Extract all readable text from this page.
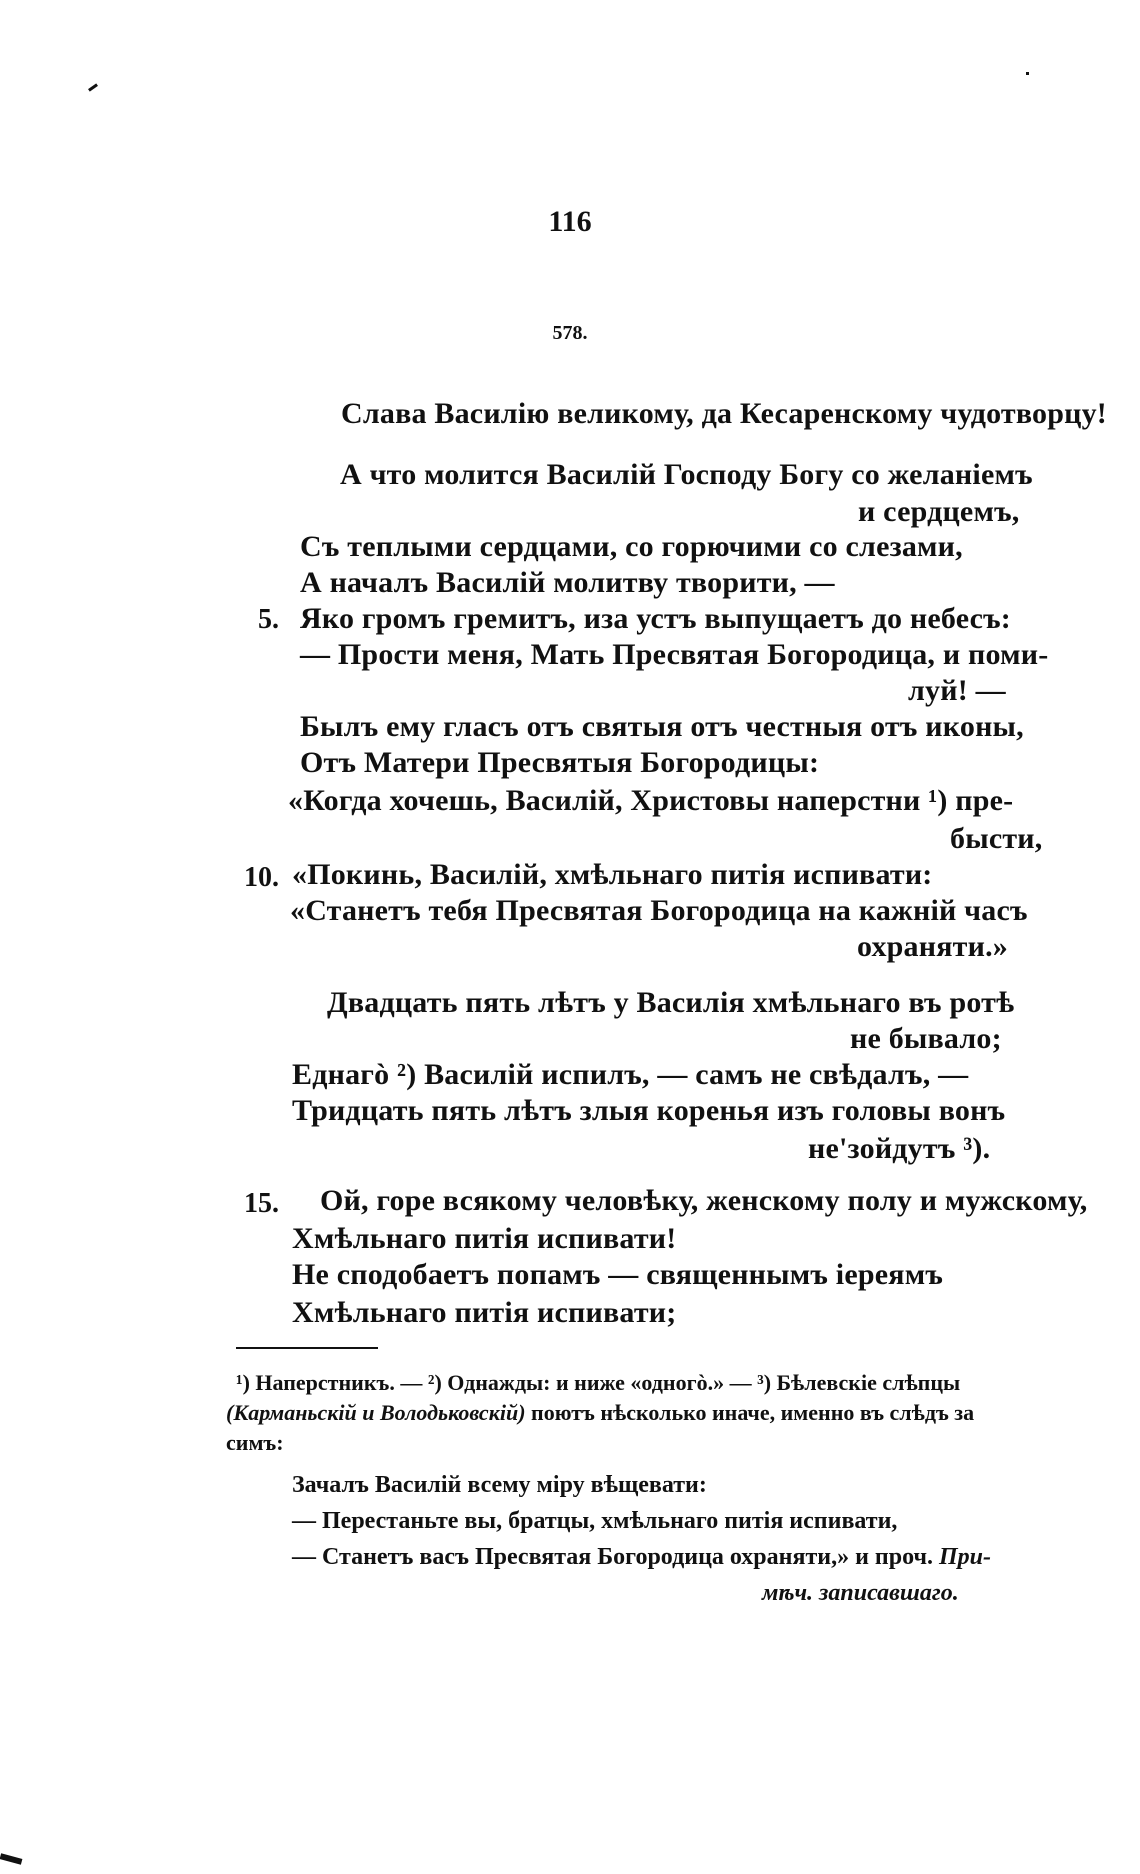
116
578.
Слава Василію великому, да Кесаренскому чудотворцу!
А что молится Василій Господу Богу со желаніемъ
и сердцемъ,
Съ теплыми сердцами, со горючими со слезами,
А началъ Василій молитву творити, —
5. Яко громъ гремитъ, иза устъ выпущаетъ до небесъ:
— Прости меня, Мать Пресвятая Богородица, и поми-
луй! —
Былъ ему гласъ отъ святыя отъ честныя отъ иконы,
Отъ Матери Пресвятыя Богородицы:
«Когда хочешь, Василій, Христовы наперстни ¹) пре-
бысти,
10. «Покинь, Василій, хмѣльнаго питія испивати:
«Станетъ тебя Пресвятая Богородица на кажній часъ
охраняти.»
Двадцать пять лѣтъ у Василія хмѣльнаго въ ротѣ
не бывало;
Еднагò ²) Василій испилъ, — самъ не свѣдалъ, —
Тридцать пять лѣтъ злыя коренья изъ головы вонъ
не'зойдутъ ³).
15. Ой, горе всякому человѣку, женскому полу и мужскому,
Хмѣльнаго питія испивати!
Не сподобаетъ попамъ — священнымъ іереямъ
Хмѣльнаго питія испивати;
¹) Наперстникъ. — ²) Однажды: и ниже «одногò.» — ³) Бѣлевскіе слѣпцы
(Карманьскій и Володьковскій) поютъ нѣсколько иначе, именно въ слѣдъ за
симъ:
Зачалъ Василій всему міру вѣщевати:
— Перестаньте вы, братцы, хмѣльнаго питія испивати,
— Станетъ васъ Пресвятая Богородица охраняти,» и проч. При-
мѣч. записавшаго.
